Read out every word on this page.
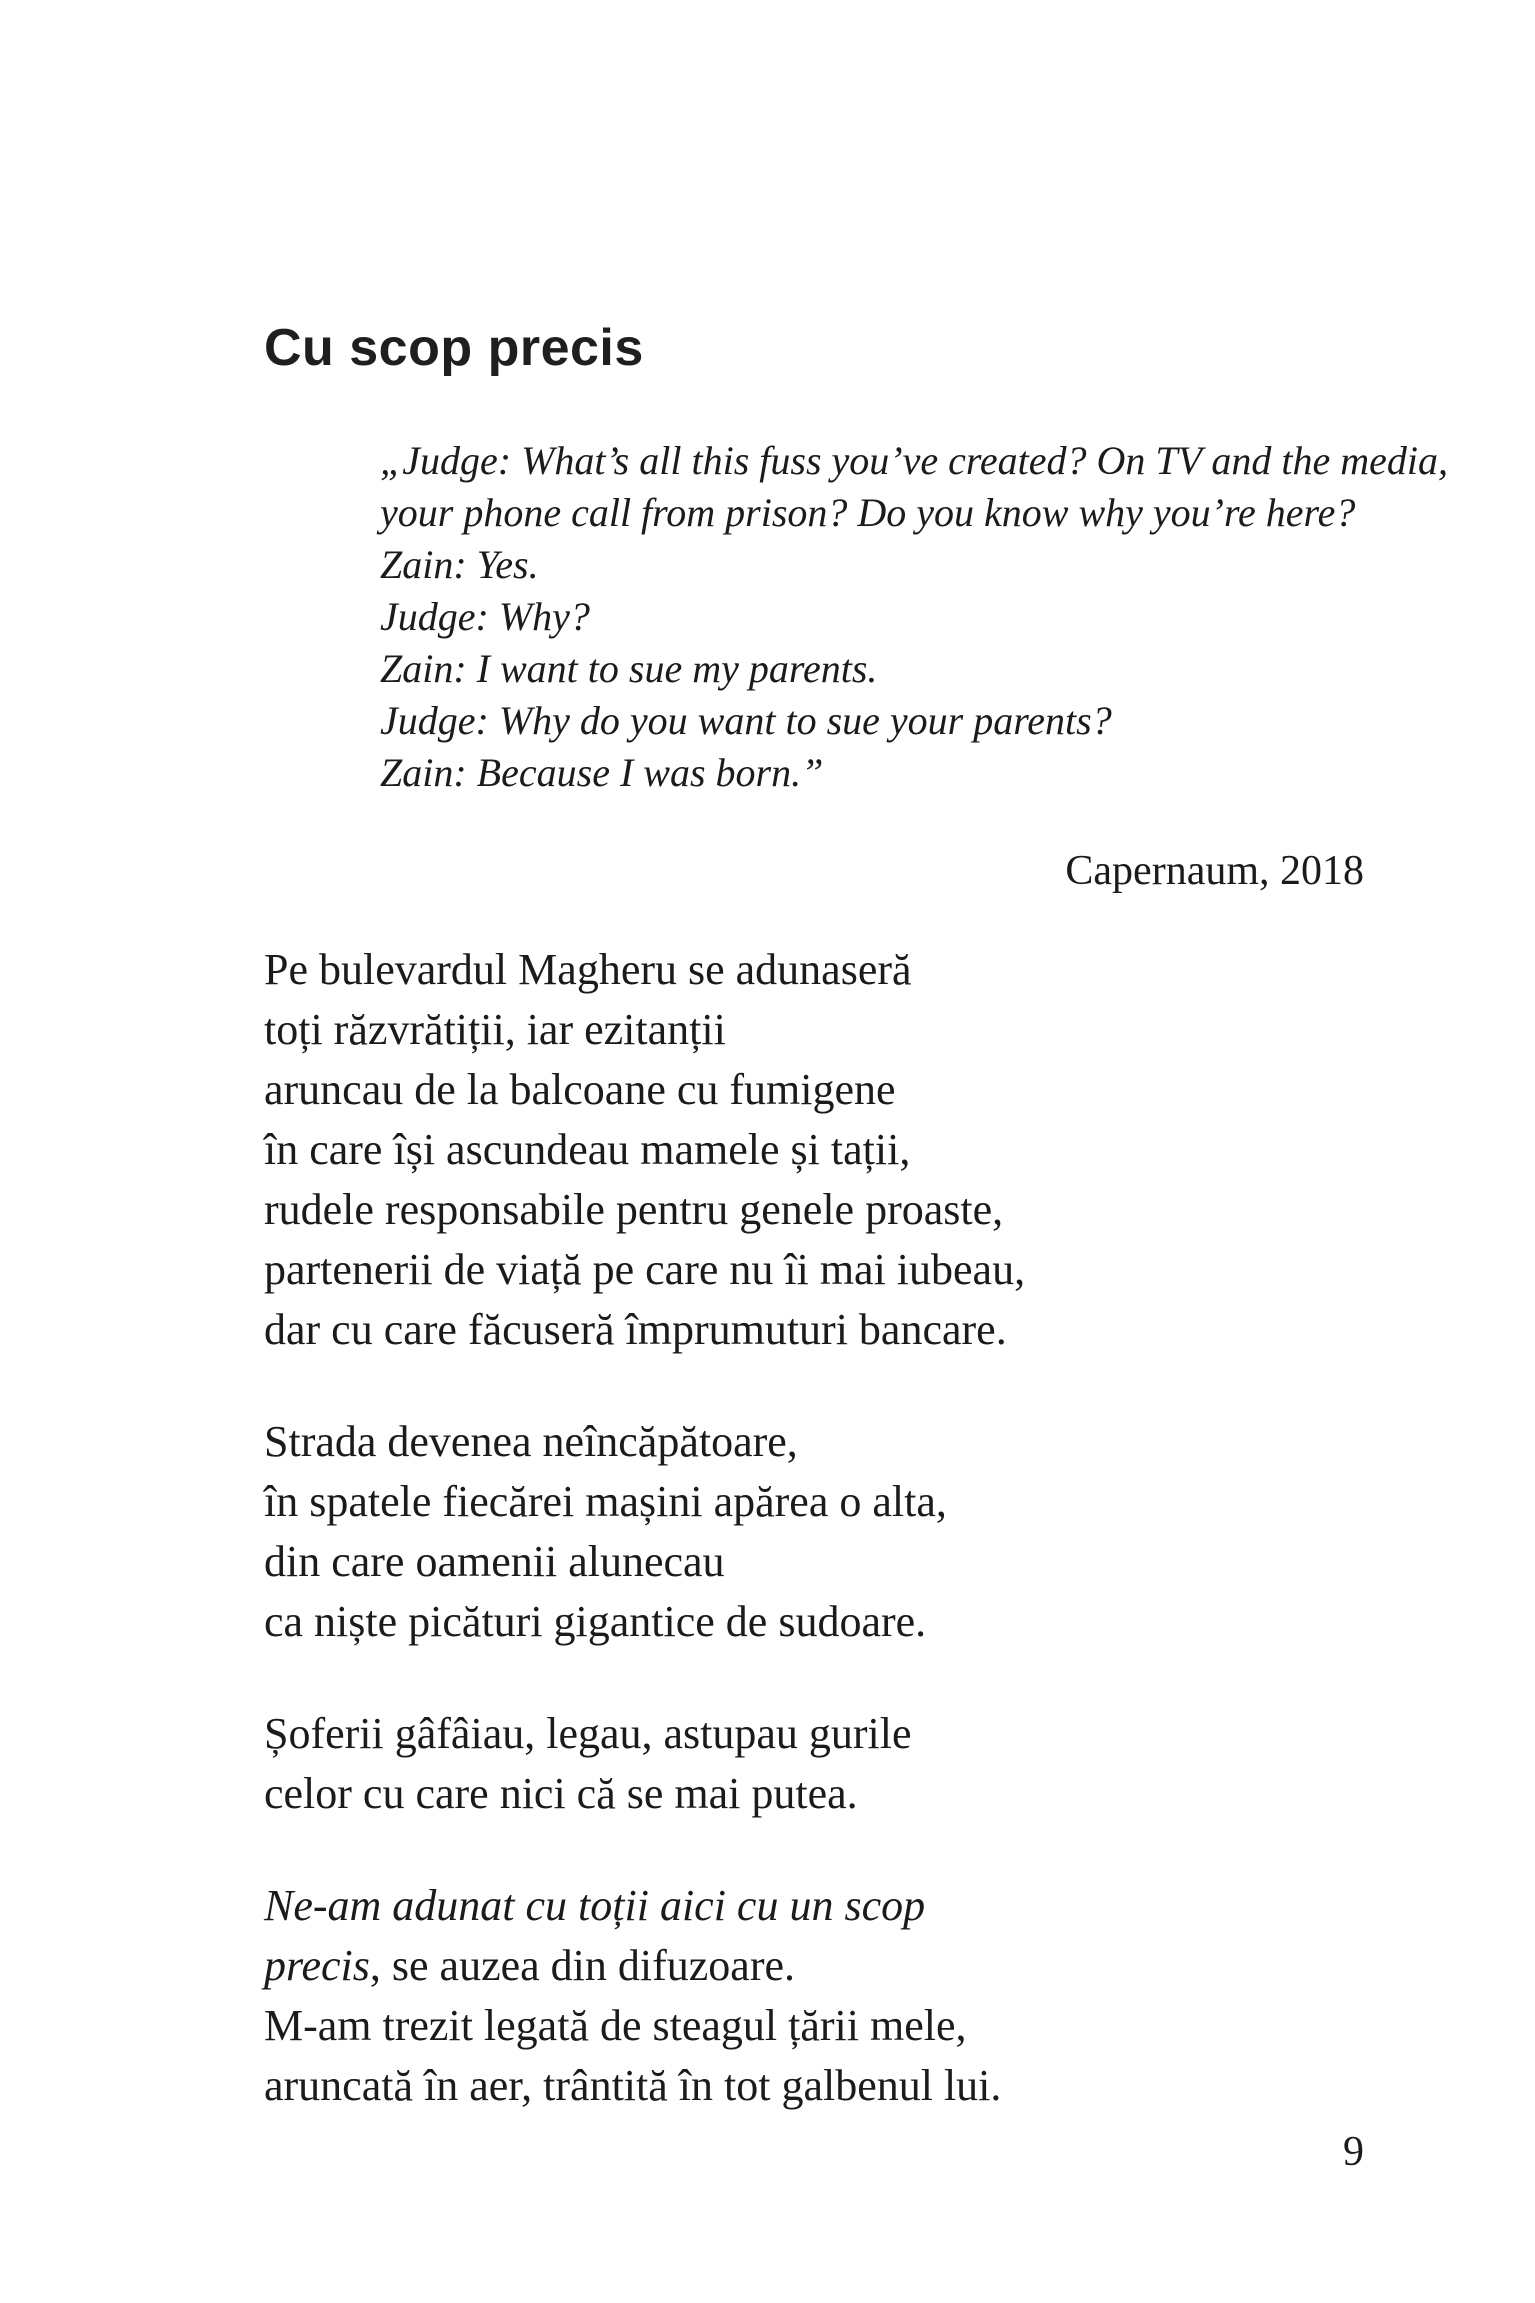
Cu scop precis
„Judge: What’s all this fuss you’ve created? On TV and the media,
your phone call from prison? Do you know why you’re here?
Zain: Yes.
Judge: Why?
Zain: I want to sue my parents.
Judge: Why do you want to sue your parents?
Zain: Because I was born.”
Capernaum, 2018
Pe bulevardul Magheru se adunaseră
toți răzvrătiții, iar ezitanții
aruncau de la balcoane cu fumigene
în care își ascundeau mamele și tații,
rudele responsabile pentru genele proaste,
partenerii de viață pe care nu îi mai iubeau,
dar cu care făcuseră împrumuturi bancare.
Strada devenea neîncăpătoare,
în spatele fiecărei mașini apărea o alta,
din care oamenii alunecau
ca niște picături gigantice de sudoare.
Șoferii gâfâiau, legau, astupau gurile
celor cu care nici că se mai putea.
Ne-am adunat cu toții aici cu un scop
precis, se auzea din difuzoare.
M-am trezit legată de steagul țării mele,
aruncată în aer, trântită în tot galbenul lui.
9
